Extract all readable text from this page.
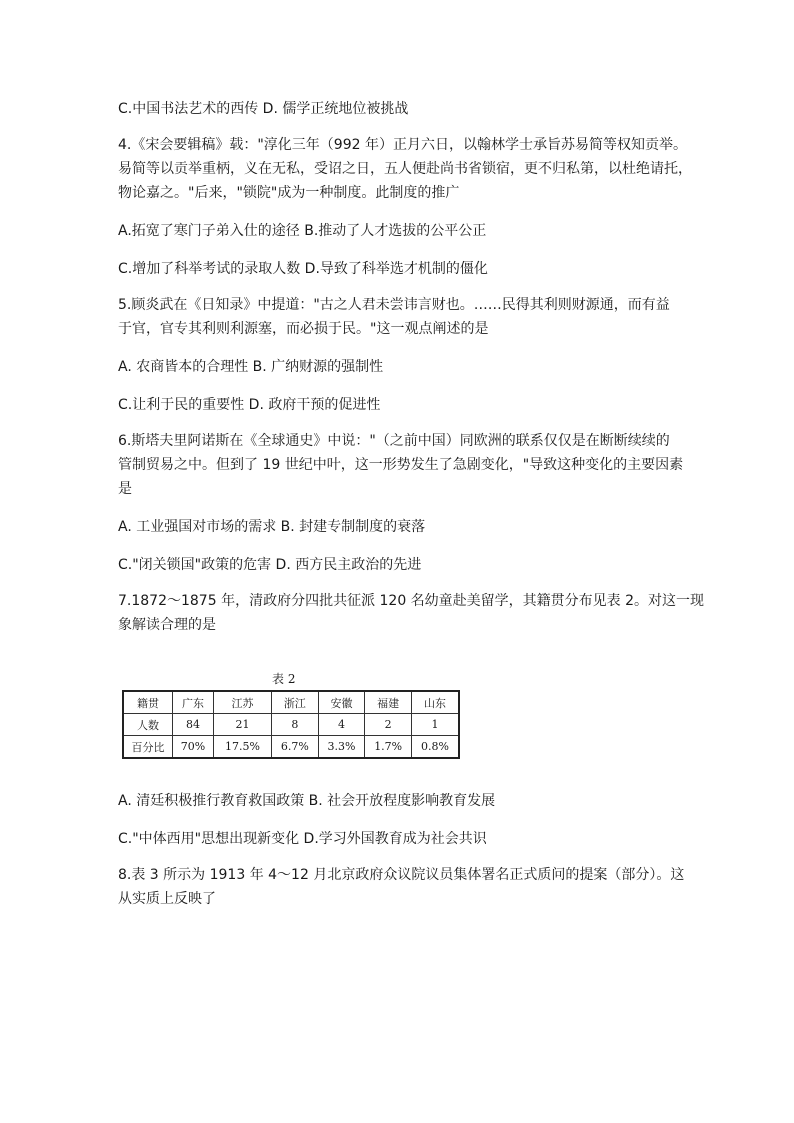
C.中国书法艺术的西传 D. 儒学正统地位被挑战
4.《宋会要辑稿》载："淳化三年（992 年）正月六日，以翰林学士承旨苏易简等权知贡举。
易简等以贡举重柄，义在无私，受诏之日，五人便赴尚书省锁宿，更不归私第，以杜绝请托，
物论嘉之。"后来，"锁院"成为一种制度。此制度的推广
A.拓宽了寒门子弟入仕的途径 B.推动了人才选拔的公平公正
C.增加了科举考试的录取人数 D.导致了科举选才机制的僵化
5.顾炎武在《日知录》中提道："古之人君未尝讳言财也。……民得其利则财源通，而有益
于官，官专其利则利源塞，而必损于民。"这一观点阐述的是
A. 农商皆本的合理性 B. 广纳财源的强制性
C.让利于民的重要性 D. 政府干预的促进性
6.斯塔夫里阿诺斯在《全球通史》中说："（之前中国）同欧洲的联系仅仅是在断断续续的
管制贸易之中。但到了 19 世纪中叶，这一形势发生了急剧变化，"导致这种变化的主要因素
是
A. 工业强国对市场的需求 B. 封建专制制度的衰落
C."闭关锁国"政策的危害 D. 西方民主政治的先进
7.1872～1875 年，清政府分四批共征派 120 名幼童赴美留学，其籍贯分布见表 2。对这一现
象解读合理的是
表 2
籍贯	广东	江苏	浙江	安徽	福建	山东
人数	84	21	8	4	2	1
百分比	70%	17.5%	6.7%	3.3%	1.7%	0.8%
A. 清廷积极推行教育救国政策 B. 社会开放程度影响教育发展
C."中体西用"思想出现新变化 D.学习外国教育成为社会共识
8.表 3 所示为 1913 年 4～12 月北京政府众议院议员集体署名正式质问的提案（部分）。这
从实质上反映了
